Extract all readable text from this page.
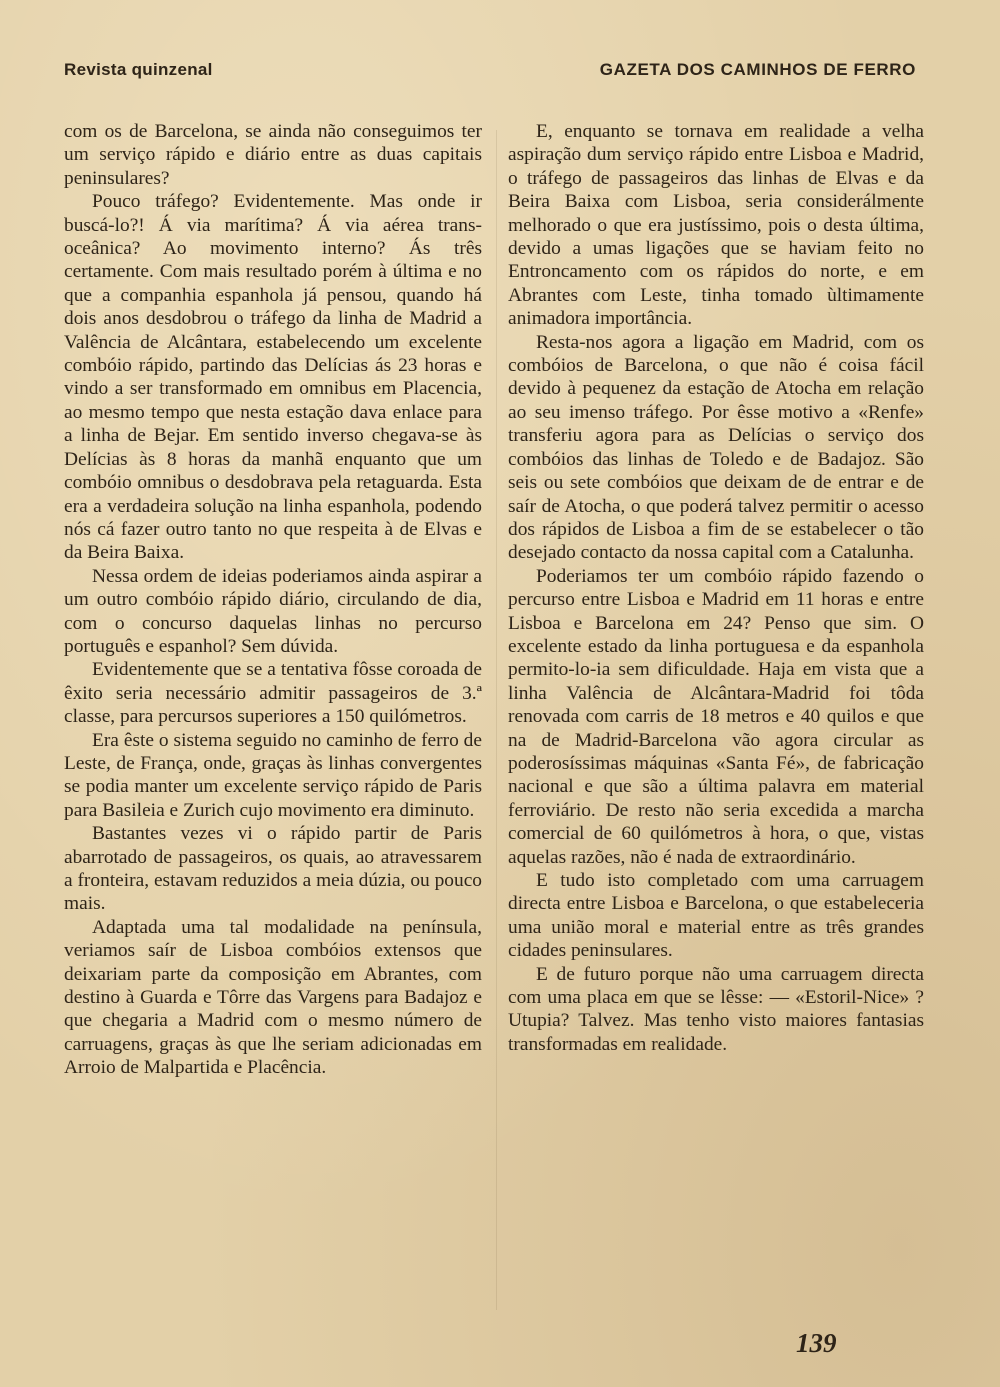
Revista quinzenal	GAZETA DOS CAMINHOS DE FERRO

com os de Barcelona, se ainda não conseguimos ter um serviço rápido e diário entre as duas capitais peninsulares?

Pouco tráfego? Evidentemente. Mas onde ir buscá-lo?! Á via marítima? Á via aérea trans-oceânica? Ao movimento interno? Ás três certamente. Com mais resultado porém à última e no que a companhia espanhola já pensou, quando há dois anos desdobrou o tráfego da linha de Madrid a Valência de Alcântara, estabelecendo um excelente combóio rápido, partindo das Delícias ás 23 horas e vindo a ser transformado em omnibus em Placencia, ao mesmo tempo que nesta estação dava enlace para a linha de Bejar. Em sentido inverso chegava-se às Delícias às 8 horas da manhã enquanto que um combóio omnibus o desdobrava pela retaguarda. Esta era a verdadeira solução na linha espanhola, podendo nós cá fazer outro tanto no que respeita à de Elvas e da Beira Baixa.

Nessa ordem de ideias poderiamos ainda aspirar a um outro combóio rápido diário, circulando de dia, com o concurso daquelas linhas no percurso português e espanhol? Sem dúvida.

Evidentemente que se a tentativa fôsse coroada de êxito seria necessário admitir passageiros de 3.ª classe, para percursos superiores a 150 quilómetros.

Era êste o sistema seguido no caminho de ferro de Leste, de França, onde, graças às linhas convergentes se podia manter um excelente serviço rápido de Paris para Basileia e Zurich cujo movimento era diminuto.

Bastantes vezes vi o rápido partir de Paris abarrotado de passageiros, os quais, ao atravessarem a fronteira, estavam reduzidos a meia dúzia, ou pouco mais.

Adaptada uma tal modalidade na península, veriamos saír de Lisboa combóios extensos que deixariam parte da composição em Abrantes, com destino à Guarda e Tôrre das Vargens para Badajoz e que chegaria a Madrid com o mesmo número de carruagens, graças às que lhe seriam adicionadas em Arroio de Malpartida e Placência.

E, enquanto se tornava em realidade a velha aspiração dum serviço rápido entre Lisboa e Madrid, o tráfego de passageiros das linhas de Elvas e da Beira Baixa com Lisboa, seria considerálmente melhorado o que era justíssimo, pois o desta última, devido a umas ligações que se haviam feito no Entroncamento com os rápidos do norte, e em Abrantes com Leste, tinha tomado ùltimamente animadora importância.

Resta-nos agora a ligação em Madrid, com os combóios de Barcelona, o que não é coisa fácil devido à pequenez da estação de Atocha em relação ao seu imenso tráfego. Por êsse motivo a «Renfe» transferiu agora para as Delícias o serviço dos combóios das linhas de Toledo e de Badajoz. São seis ou sete combóios que deixam de de entrar e de saír de Atocha, o que poderá talvez permitir o acesso dos rápidos de Lisboa a fim de se estabelecer o tão desejado contacto da nossa capital com a Catalunha.

Poderiamos ter um combóio rápido fazendo o percurso entre Lisboa e Madrid em 11 horas e entre Lisboa e Barcelona em 24? Penso que sim. O excelente estado da linha portuguesa e da espanhola permito-lo-ia sem dificuldade. Haja em vista que a linha Valência de Alcântara-Madrid foi tôda renovada com carris de 18 metros e 40 quilos e que na de Madrid-Barcelona vão agora circular as poderosíssimas máquinas «Santa Fé», de fabricação nacional e que são a última palavra em material ferroviário. De resto não seria excedida a marcha comercial de 60 quilómetros à hora, o que, vistas aquelas razões, não é nada de extraordinário.

E tudo isto completado com uma carruagem directa entre Lisboa e Barcelona, o que estabeleceria uma união moral e material entre as três grandes cidades peninsulares.

E de futuro porque não uma carruagem directa com uma placa em que se lêsse: — «Estoril-Nice» ? Utupia? Talvez. Mas tenho visto maiores fantasias transformadas em realidade.

139
